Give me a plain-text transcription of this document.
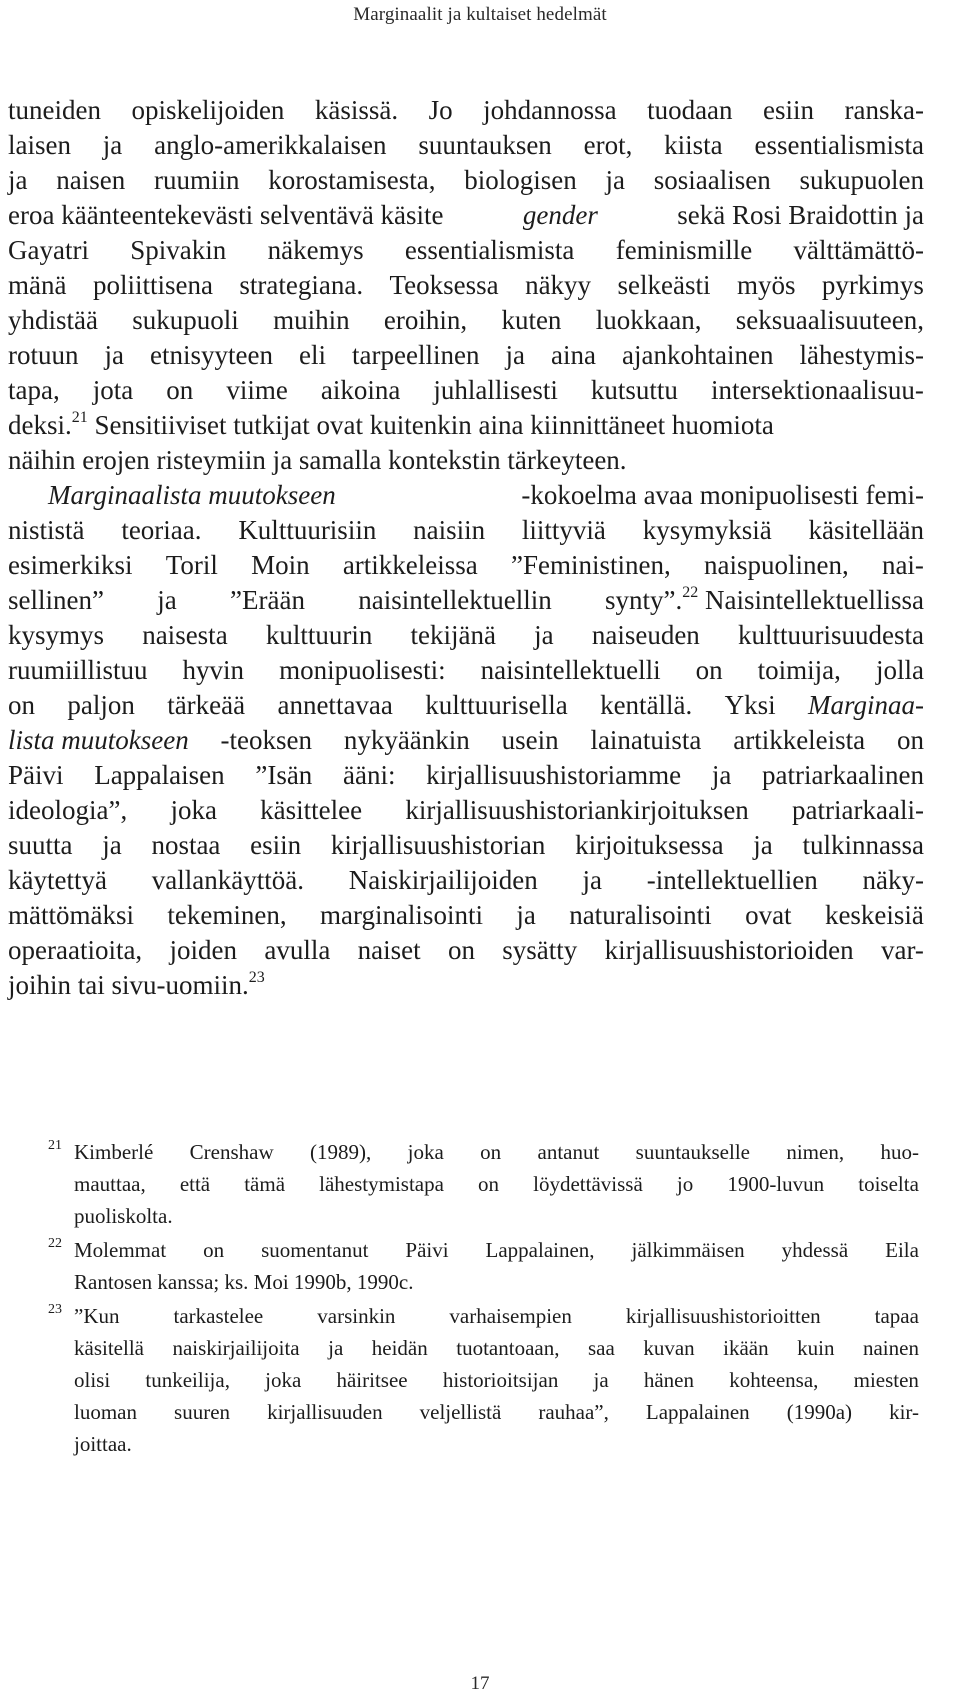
Marginaalit ja kultaiset hedelmät
tuneiden opiskelijoiden käsissä. Jo johdannossa tuodaan esiin ranska-
laisen ja anglo-amerikkalaisen suuntauksen erot, kiista essentialismista
ja naisen ruumiin korostamisesta, biologisen ja sosiaalisen sukupuolen
eroa kääntеentekevästi selventävä käsite	gender	sekä Rosi Braidottin ja
Gayatri Spivakin näkemys essentialismista feminismille välttämättö-
mänä poliittisena strategiana. Teoksessa näkyy selkeästi myös pyrkimys
yhdistää sukupuoli muihin eroihin, kuten luokkaan, seksuaalisuuteen,
rotuun ja etnisyyteen eli tarpeellinen ja aina ajankohtainen lähestymis-
tapa, jota on viime aikoina juhlallisesti kutsuttu intersektionaalisuu-
deksi.$^{21}$ Sensitiiviset tutkijat ovat kuitenkin aina kiinnittäneet huomiota
näihin erojen risteymiin ja samalla kontekstin tärkeyteen.
Marginaalista muutokseen	-kokoelma avaa monipuolisesti femi-
nististä teoriaa. Kulttuurisiin naisiin liittyviä kysymyksiä käsitellään
esimerkiksi Toril Moin artikkeleissa ”Feministinen, naispuolinen, nai-
sellinen” ja ”Erään naisintellektuellin synty”.$^{22}$ Naisintellektuellissa
kysymys naisesta kulttuurin tekijänä ja naiseuden kulttuurisuudesta
ruumiillistuu hyvin monipuolisesti: naisintellektuelli on toimija, jolla
on paljon tärkeää annettavaa kulttuurisella kentällä. Yksi Marginaa-
lista muutokseen -teoksen nykyäänkin usein lainatuista artikkeleista on
Päivi Lappalaisen ”Isän ääni: kirjallisuushistoriamme ja patriarkaalinen
ideologia”, joka käsittelee kirjallisuushistoriankirjoituksen patriarkaali-
suutta ja nostaa esiin kirjallisuushistorian kirjoituksessa ja tulkinnassa
käytettyä vallankäyttöä. Naiskirjailijoiden ja -intellektuellien näky-
mättömäksi tekeminen, marginalisointi ja naturalisointi ovat keskeisiä
operaatioita, joiden avulla naiset on sysätty kirjallisuushistorioiden var-
joihin tai sivu-uomiin.$^{23}$
21 Kimberlé Crenshaw (1989), joka on antanut suuntaukselle nimen, huo-
mauttaa, että tämä lähestymistapa on löydettävissä jo 1900-luvun toiselta
puoliskolta.
22 Molemmat on suomentanut Päivi Lappalainen, jälkimmäisen yhdessä Eila
Rantosen kanssa; ks. Moi 1990b, 1990c.
23 ”Kun	tarkastelee	varsinkin	varhaisempien	kirjallisuushistorioitten	tapaa
käsitellä naiskirjailijoita ja heidän tuotantoaan, saa kuvan ikään kuin nainen
olisi tunkeilija, joka häiritsee historioitsijan ja hänen kohteensa, miesten
luoman suuren kirjallisuuden veljellistä rauhaa”, Lappalainen (1990a) kir-
joittaa.
17
